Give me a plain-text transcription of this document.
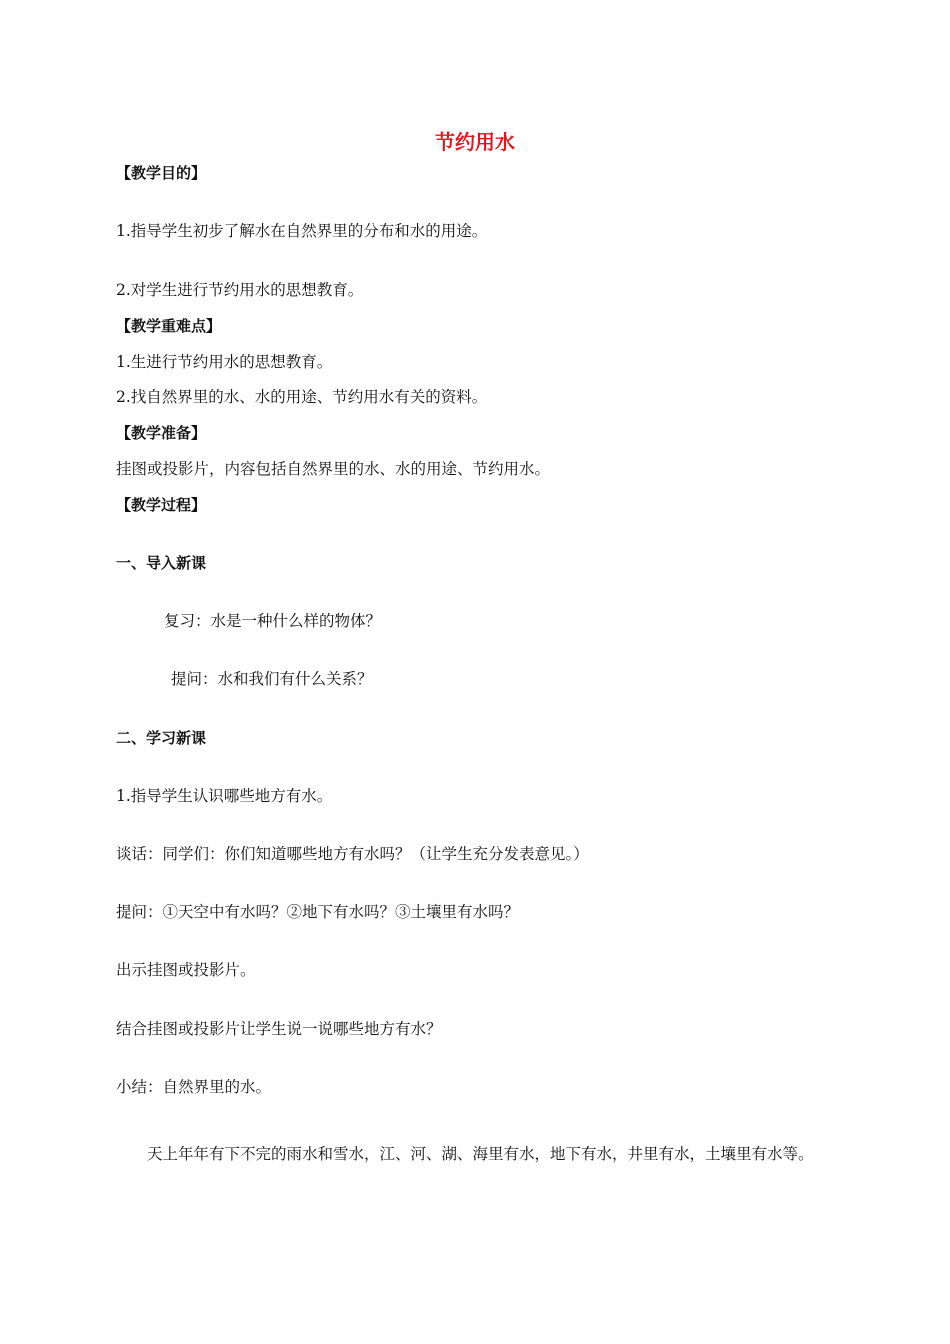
节约用水
【教学目的】
1.指导学生初步了解水在自然界里的分布和水的用途。
2.对学生进行节约用水的思想教育。
【教学重难点】
1.生进行节约用水的思想教育。
2.找自然界里的水、水的用途、节约用水有关的资料。
【教学准备】
挂图或投影片，内容包括自然界里的水、水的用途、节约用水。
【教学过程】
一、导入新课
复习：水是一种什么样的物体？
提问：水和我们有什么关系？
二、学习新课
1.指导学生认识哪些地方有水。
谈话：同学们：你们知道哪些地方有水吗？（让学生充分发表意见。）
提问：①天空中有水吗？②地下有水吗？③土壤里有水吗？
出示挂图或投影片。
结合挂图或投影片让学生说一说哪些地方有水？
小结：自然界里的水。
天上年年有下不完的雨水和雪水，江、河、湖、海里有水，地下有水，井里有水，土壤里有水等。
